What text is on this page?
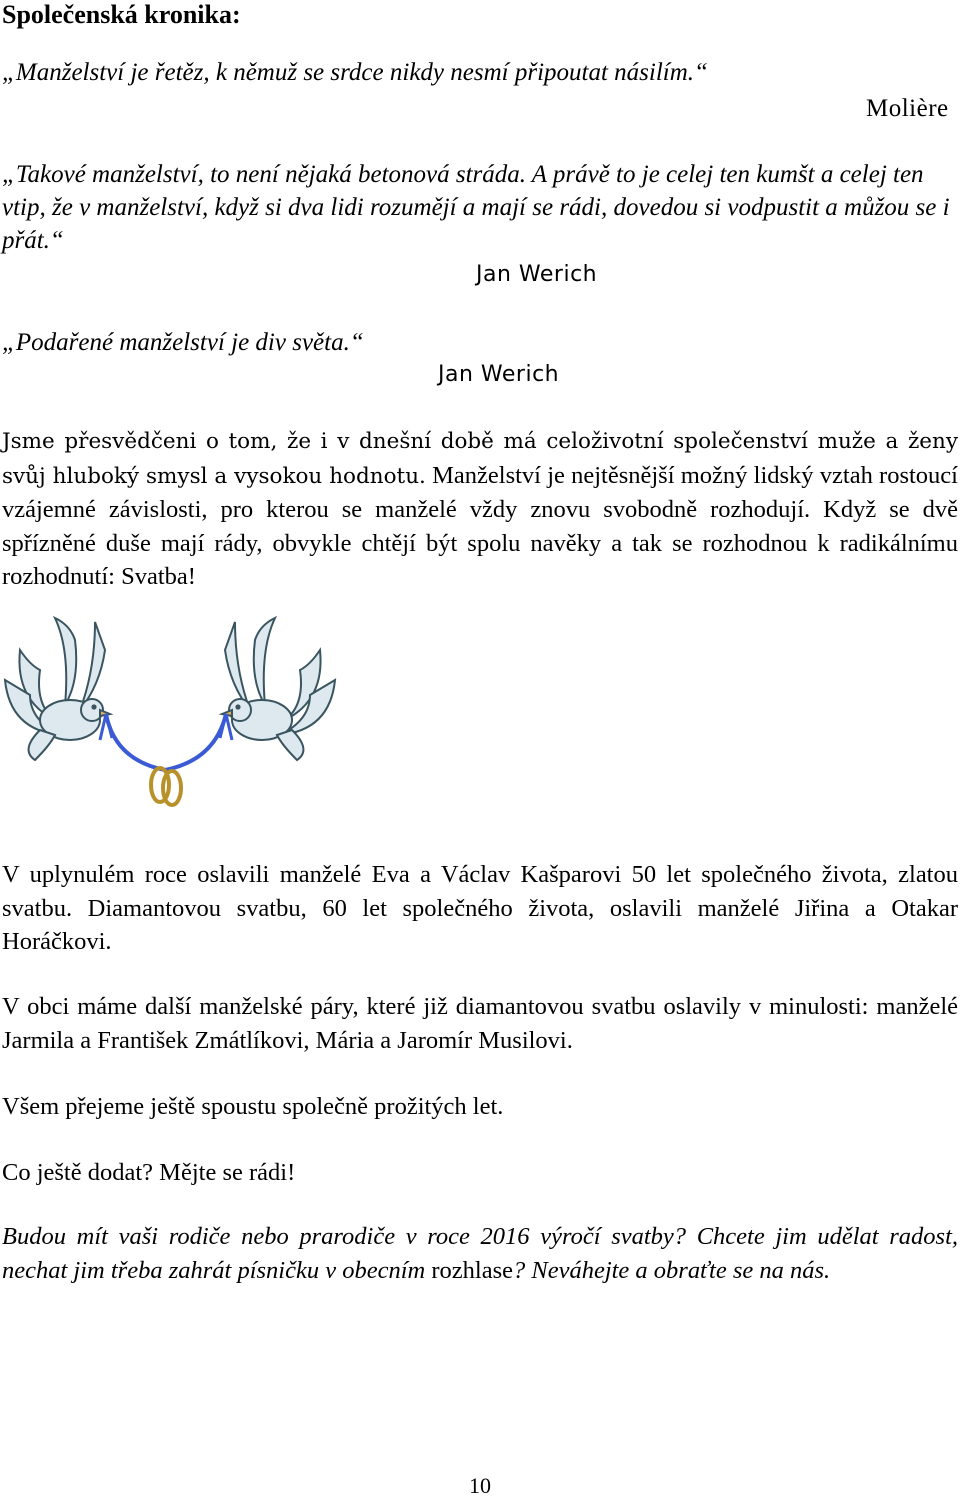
Společenská kronika:
„Manželství je řetěz, k němuž se srdce nikdy nesmí připoutat násilím.“
Molière
„Takové manželství, to není nějaká betonová stráda. A právě to je celej ten kumšt a celej ten vtip, že v manželství, když si dva lidi rozumějí a mají se rádi, dovedou si vodpustit a můžou se i přát.“
Jan Werich
„Podařené manželství je div světa.“
Jan Werich
Jsme přesvědčeni o tom, že i v dnešní době má celoživotní společenství muže a ženy svůj hluboký smysl a vysokou hodnotu. Manželství je nejtěsnější možný lidský vztah rostoucí vzájemné závislosti, pro kterou se manželé vždy znovu svobodně rozhodují. Když se dvě spřízněné duše mají rády, obvykle chtějí být spolu navěky a tak se rozhodnou k radikálnímu rozhodnutí: Svatba!
V uplynulém roce oslavili manželé Eva a Václav Kašparovi 50 let společného života, zlatou svatbu. Diamantovou svatbu, 60 let společného života, oslavili manželé Jiřina a Otakar Horáčkovi.
V obci máme další manželské páry, které již diamantovou svatbu oslavily v minulosti: manželé Jarmila a František Zmátlíkovi, Mária a Jaromír Musilovi.
Všem přejeme ještě spoustu společně prožitých let.
Co ještě dodat? Mějte se rádi!
Budou mít vaši rodiče nebo prarodiče v roce 2016 výročí svatby? Chcete jim udělat radost, nechat jim třeba zahrát písničku v obecním rozhlase? Neváhejte a obraťte se na nás.
10
